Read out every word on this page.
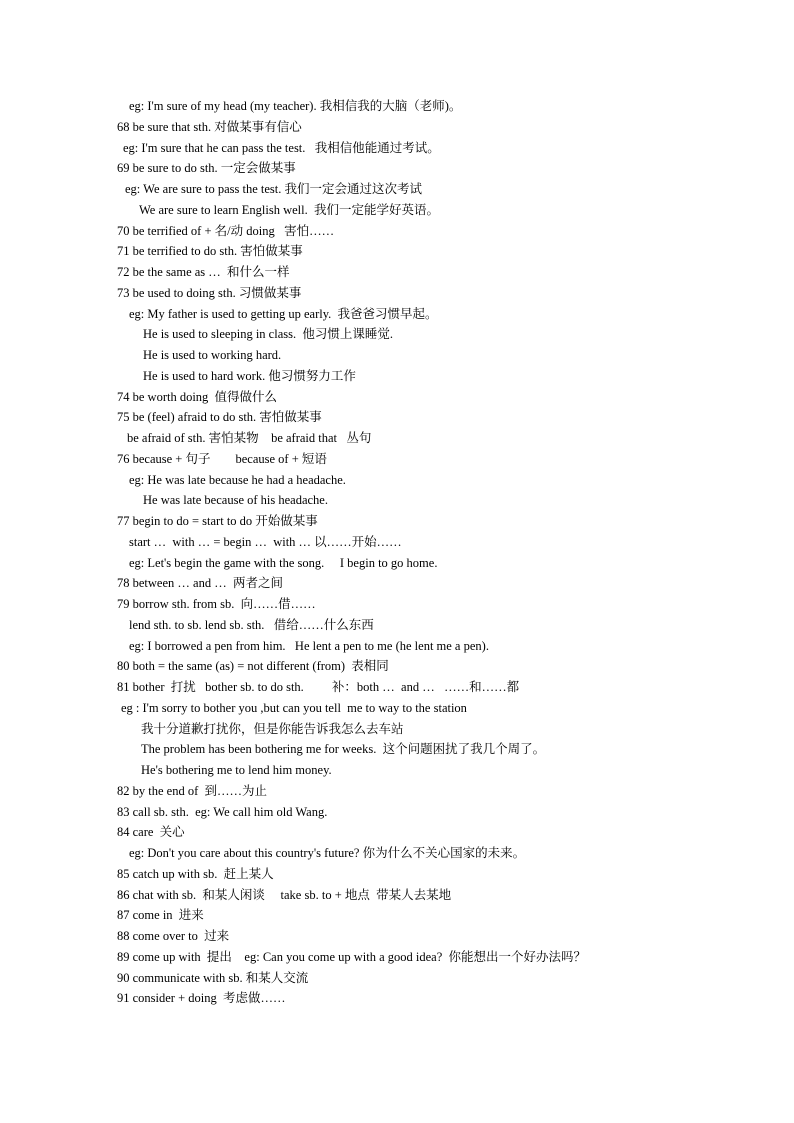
eg: I'm sure of my head (my teacher). 我相信我的大脑（老师)。
68 be sure that sth. 对做某事有信心
eg: I'm sure that he can pass the test.   我相信他能通过考试。
69 be sure to do sth. 一定会做某事
eg: We are sure to pass the test. 我们一定会通过这次考试
We are sure to learn English well.  我们一定能学好英语。
70 be terrified of + 名/动 doing   害怕……
71 be terrified to do sth. 害怕做某事
72 be the same as …  和什么一样
73 be used to doing sth. 习惯做某事
eg: My father is used to getting up early.  我爸爸习惯早起。
He is used to sleeping in class.  他习惯上课睡觉.
He is used to working hard.
He is used to hard work. 他习惯努力工作
74 be worth doing  值得做什么
75 be (feel) afraid to do sth. 害怕做某事
be afraid of sth. 害怕某物    be afraid that   丛句
76 because + 句子        because of + 短语
eg: He was late because he had a headache.
He was late because of his headache.
77 begin to do = start to do 开始做某事
start …  with … = begin …  with … 以……开始……
eg: Let's begin the game with the song.     I begin to go home.
78 between … and …  两者之间
79 borrow sth. from sb.  向……借……
lend sth. to sb. lend sb. sth.   借给……什么东西
eg: I borrowed a pen from him.   He lent a pen to me (he lent me a pen).
80 both = the same (as) = not different (from)  表相同
81 bother  打扰   bother sb. to do sth.         补：both …  and …   ……和……都
eg : I'm sorry to bother you ,but can you tell  me to way to the station
我十分道歉打扰你，但是你能告诉我怎么去车站
The problem has been bothering me for weeks.  这个问题困扰了我几个周了。
He's bothering me to lend him money.
82 by the end of  到……为止
83 call sb. sth.  eg: We call him old Wang.
84 care  关心
eg: Don't you care about this country's future? 你为什么不关心国家的未来。
85 catch up with sb.  赶上某人
86 chat with sb.  和某人闲谈     take sb. to + 地点  带某人去某地
87 come in  进来
88 come over to  过来
89 come up with  提出    eg: Can you come up with a good idea?  你能想出一个好办法吗？
90 communicate with sb. 和某人交流
91 consider + doing  考虑做……
